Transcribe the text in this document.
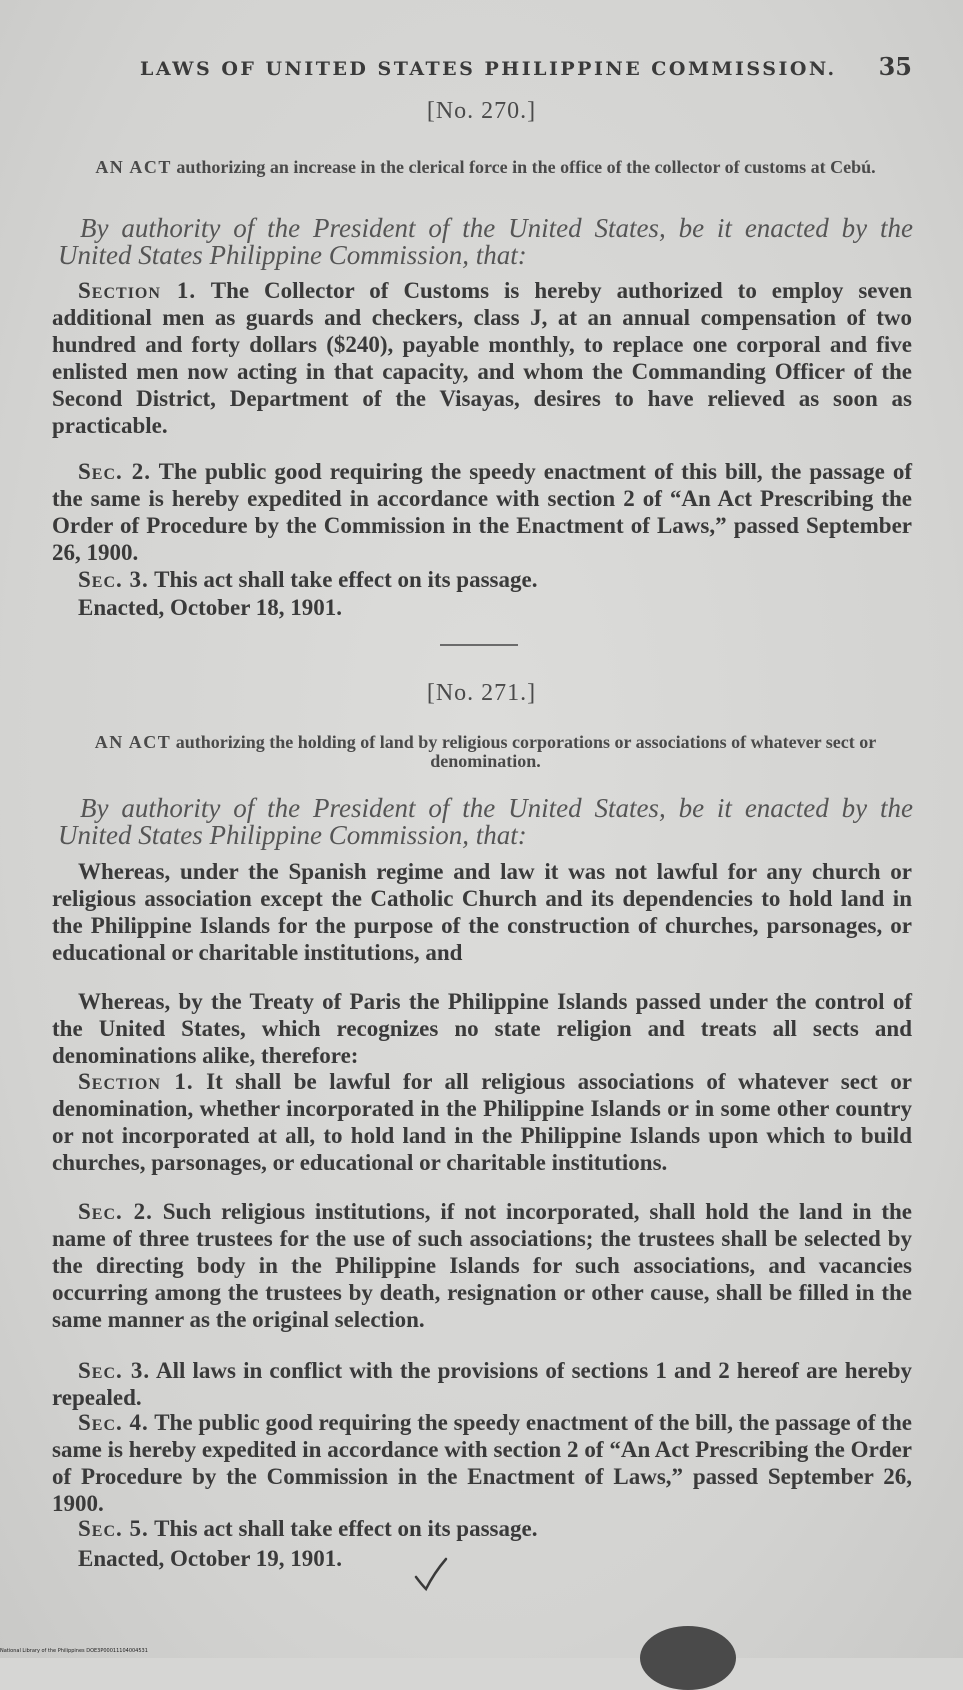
LAWS OF UNITED STATES PHILIPPINE COMMISSION. 35
[No. 270.]
AN ACT authorizing an increase in the clerical force in the office of the collector of customs at Cebú.
By authority of the President of the United States, be it enacted by the United States Philippine Commission, that:
Section 1. The Collector of Customs is hereby authorized to employ seven additional men as guards and checkers, class J, at an annual compensation of two hundred and forty dollars ($240), payable monthly, to replace one corporal and five enlisted men now acting in that capacity, and whom the Commanding Officer of the Second District, Department of the Visayas, desires to have relieved as soon as practicable.
Sec. 2. The public good requiring the speedy enactment of this bill, the passage of the same is hereby expedited in accordance with section 2 of “An Act Prescribing the Order of Procedure by the Commission in the Enactment of Laws,” passed September 26, 1900.
Sec. 3. This act shall take effect on its passage.
Enacted, October 18, 1901.
[No. 271.]
AN ACT authorizing the holding of land by religious corporations or associations of whatever sect or denomination.
By authority of the President of the United States, be it enacted by the United States Philippine Commission, that:
Whereas, under the Spanish regime and law it was not lawful for any church or religious association except the Catholic Church and its dependencies to hold land in the Philippine Islands for the purpose of the construction of churches, parsonages, or educational or charitable institutions, and
Whereas, by the Treaty of Paris the Philippine Islands passed under the control of the United States, which recognizes no state religion and treats all sects and denominations alike, therefore:
Section 1. It shall be lawful for all religious associations of whatever sect or denomination, whether incorporated in the Philippine Islands or in some other country or not incorporated at all, to hold land in the Philippine Islands upon which to build churches, parsonages, or educational or charitable institutions.
Sec. 2. Such religious institutions, if not incorporated, shall hold the land in the name of three trustees for the use of such associations; the trustees shall be selected by the directing body in the Philippine Islands for such associations, and vacancies occurring among the trustees by death, resignation or other cause, shall be filled in the same manner as the original selection.
Sec. 3. All laws in conflict with the provisions of sections 1 and 2 hereof are hereby repealed.
Sec. 4. The public good requiring the speedy enactment of the bill, the passage of the same is hereby expedited in accordance with section 2 of “An Act Prescribing the Order of Procedure by the Commission in the Enactment of Laws,” passed September 26, 1900.
Sec. 5. This act shall take effect on its passage.
Enacted, October 19, 1901.
National Library of the Philippines DOE3P00011104004531
